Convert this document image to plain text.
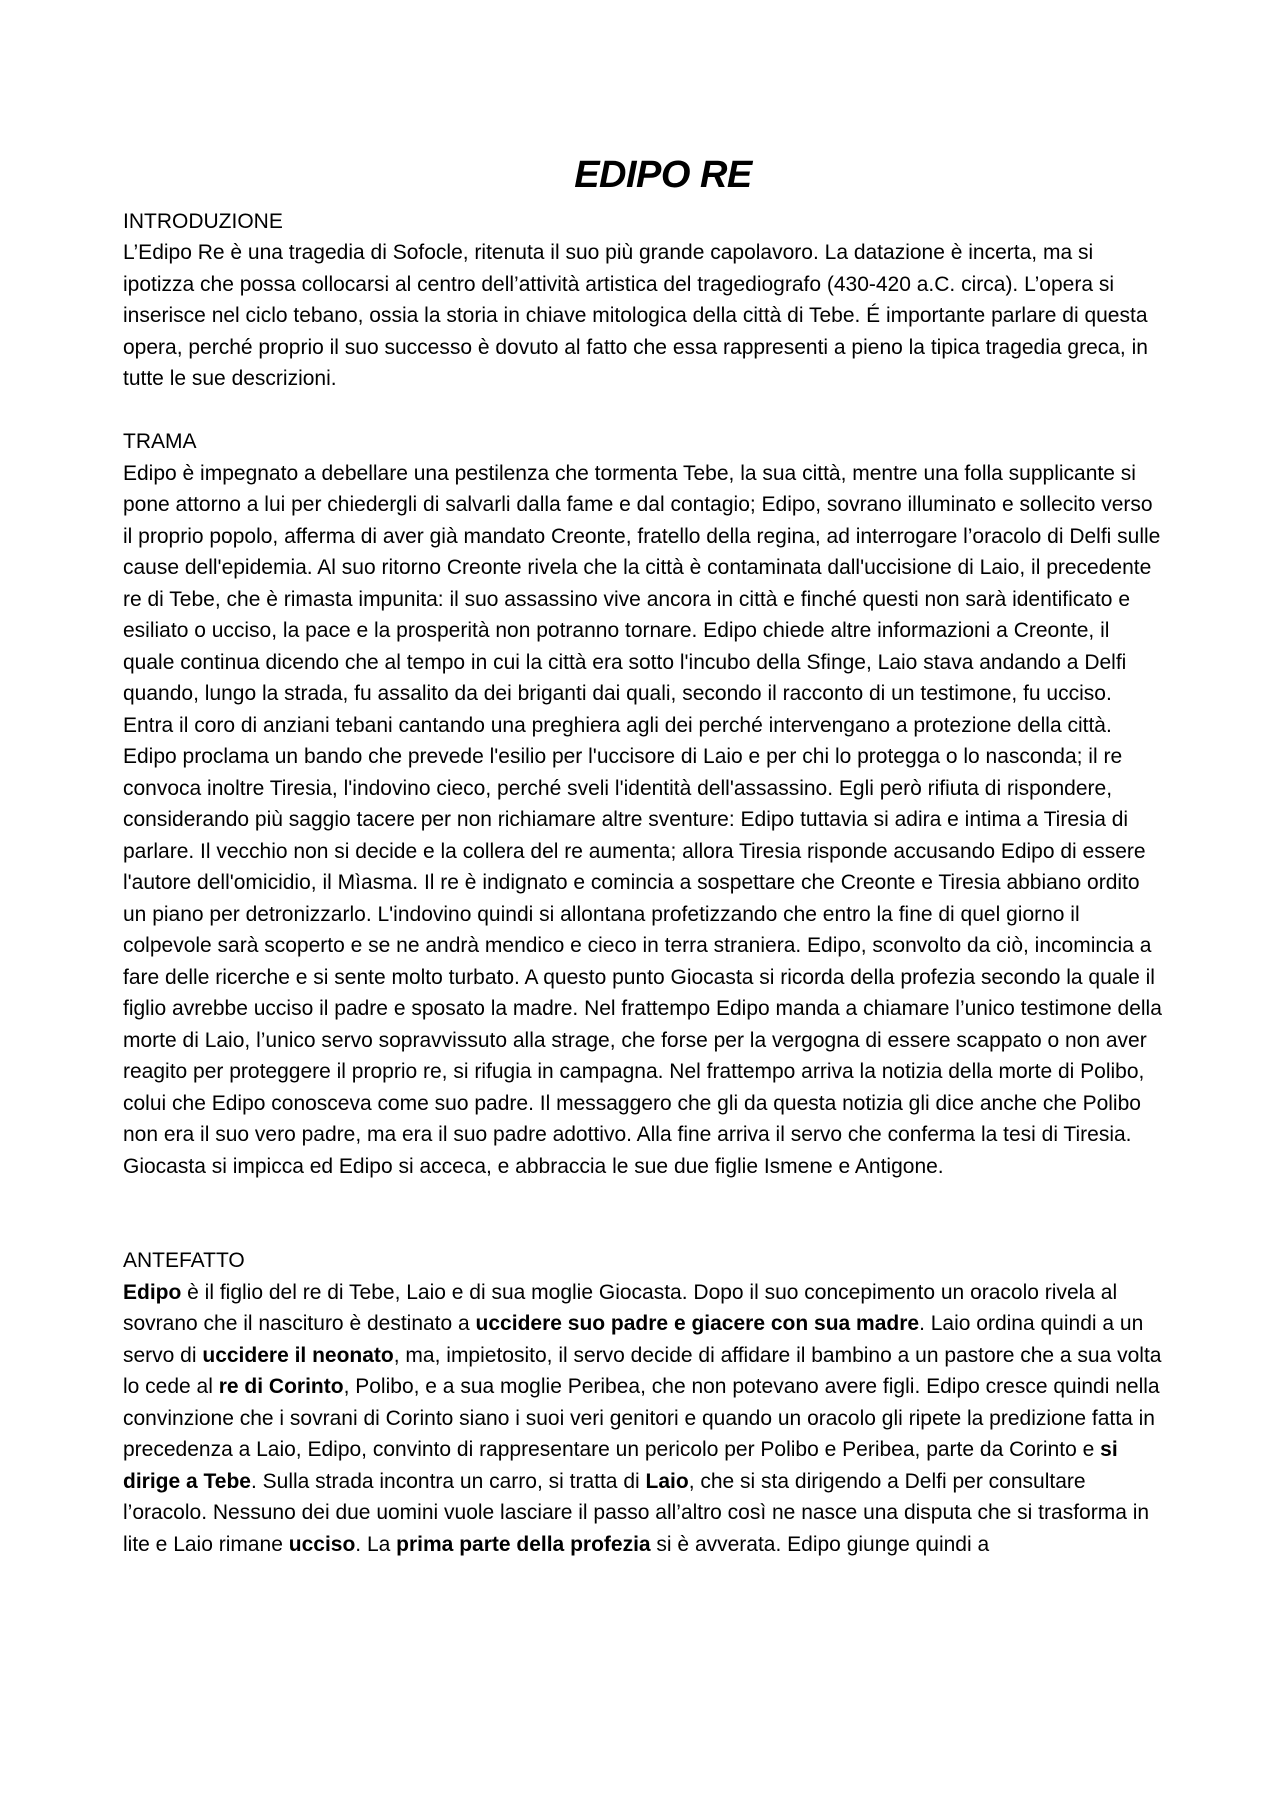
EDIPO RE

INTRODUZIONE

L’Edipo Re è una tragedia di Sofocle, ritenuta il suo più grande capolavoro. La datazione è incerta, ma si ipotizza che possa collocarsi al centro dell’attività artistica del tragediografo (430-420 a.C. circa). L’opera si inserisce nel ciclo tebano, ossia la storia in chiave mitologica della città di Tebe. É importante parlare di questa opera, perché proprio il suo successo è dovuto al fatto che essa rappresenti a pieno la tipica tragedia greca, in tutte le sue descrizioni.

TRAMA

Edipo è impegnato a debellare una pestilenza che tormenta Tebe, la sua città, mentre una folla supplicante si pone attorno a lui per chiedergli di salvarli dalla fame e dal contagio; Edipo, sovrano illuminato e sollecito verso il proprio popolo, afferma di aver già mandato Creonte, fratello della regina, ad interrogare l’oracolo di Delfi sulle cause dell'epidemia. Al suo ritorno Creonte rivela che la città è contaminata dall'uccisione di Laio, il precedente re di Tebe, che è rimasta impunita: il suo assassino vive ancora in città e finché questi non sarà identificato e esiliato o ucciso, la pace e la prosperità non potranno tornare. Edipo chiede altre informazioni a Creonte, il quale continua dicendo che al tempo in cui la città era sotto l'incubo della Sfinge, Laio stava andando a Delfi quando, lungo la strada, fu assalito da dei briganti dai quali, secondo il racconto di un testimone, fu ucciso. Entra il coro di anziani tebani cantando una preghiera agli dei perché intervengano a protezione della città. Edipo proclama un bando che prevede l'esilio per l'uccisore di Laio e per chi lo protegga o lo nasconda; il re convoca inoltre Tiresia, l'indovino cieco, perché sveli l'identità dell'assassino. Egli però rifiuta di rispondere, considerando più saggio tacere per non richiamare altre sventure: Edipo tuttavia si adira e intima a Tiresia di parlare. Il vecchio non si decide e la collera del re aumenta; allora Tiresia risponde accusando Edipo di essere l'autore dell'omicidio, il Mìasma. Il re è indignato e comincia a sospettare che Creonte e Tiresia abbiano ordito un piano per detronizzarlo. L'indovino quindi si allontana profetizzando che entro la fine di quel giorno il colpevole sarà scoperto e se ne andrà mendico e cieco in terra straniera. Edipo, sconvolto da ciò, incomincia a fare delle ricerche e si sente molto turbato. A questo punto Giocasta si ricorda della profezia secondo la quale il figlio avrebbe ucciso il padre e sposato la madre. Nel frattempo Edipo manda a chiamare l’unico testimone della morte di Laio, l’unico servo sopravvissuto alla strage, che forse per la vergogna di essere scappato o non aver reagito per proteggere il proprio re, si rifugia in campagna. Nel frattempo arriva la notizia della morte di Polibo, colui che Edipo conosceva come suo padre. Il messaggero che gli da questa notizia gli dice anche che Polibo non era il suo vero padre, ma era il suo padre adottivo. Alla fine arriva il servo che conferma la tesi di Tiresia. Giocasta si impicca ed Edipo si acceca, e abbraccia le sue due figlie Ismene e Antigone.

ANTEFATTO

Edipo è il figlio del re di Tebe, Laio e di sua moglie Giocasta. Dopo il suo concepimento un oracolo rivela al sovrano che il nascituro è destinato a uccidere suo padre e giacere con sua madre. Laio ordina quindi a un servo di uccidere il neonato, ma, impietosito, il servo decide di affidare il bambino a un pastore che a sua volta lo cede al re di Corinto, Polibo, e a sua moglie Peribea, che non potevano avere figli. Edipo cresce quindi nella convinzione che i sovrani di Corinto siano i suoi veri genitori e quando un oracolo gli ripete la predizione fatta in precedenza a Laio, Edipo, convinto di rappresentare un pericolo per Polibo e Peribea, parte da Corinto e si dirige a Tebe. Sulla strada incontra un carro, si tratta di Laio, che si sta dirigendo a Delfi per consultare l’oracolo. Nessuno dei due uomini vuole lasciare il passo all’altro così ne nasce una disputa che si trasforma in lite e Laio rimane ucciso. La prima parte della profezia si è avverata. Edipo giunge quindi a
